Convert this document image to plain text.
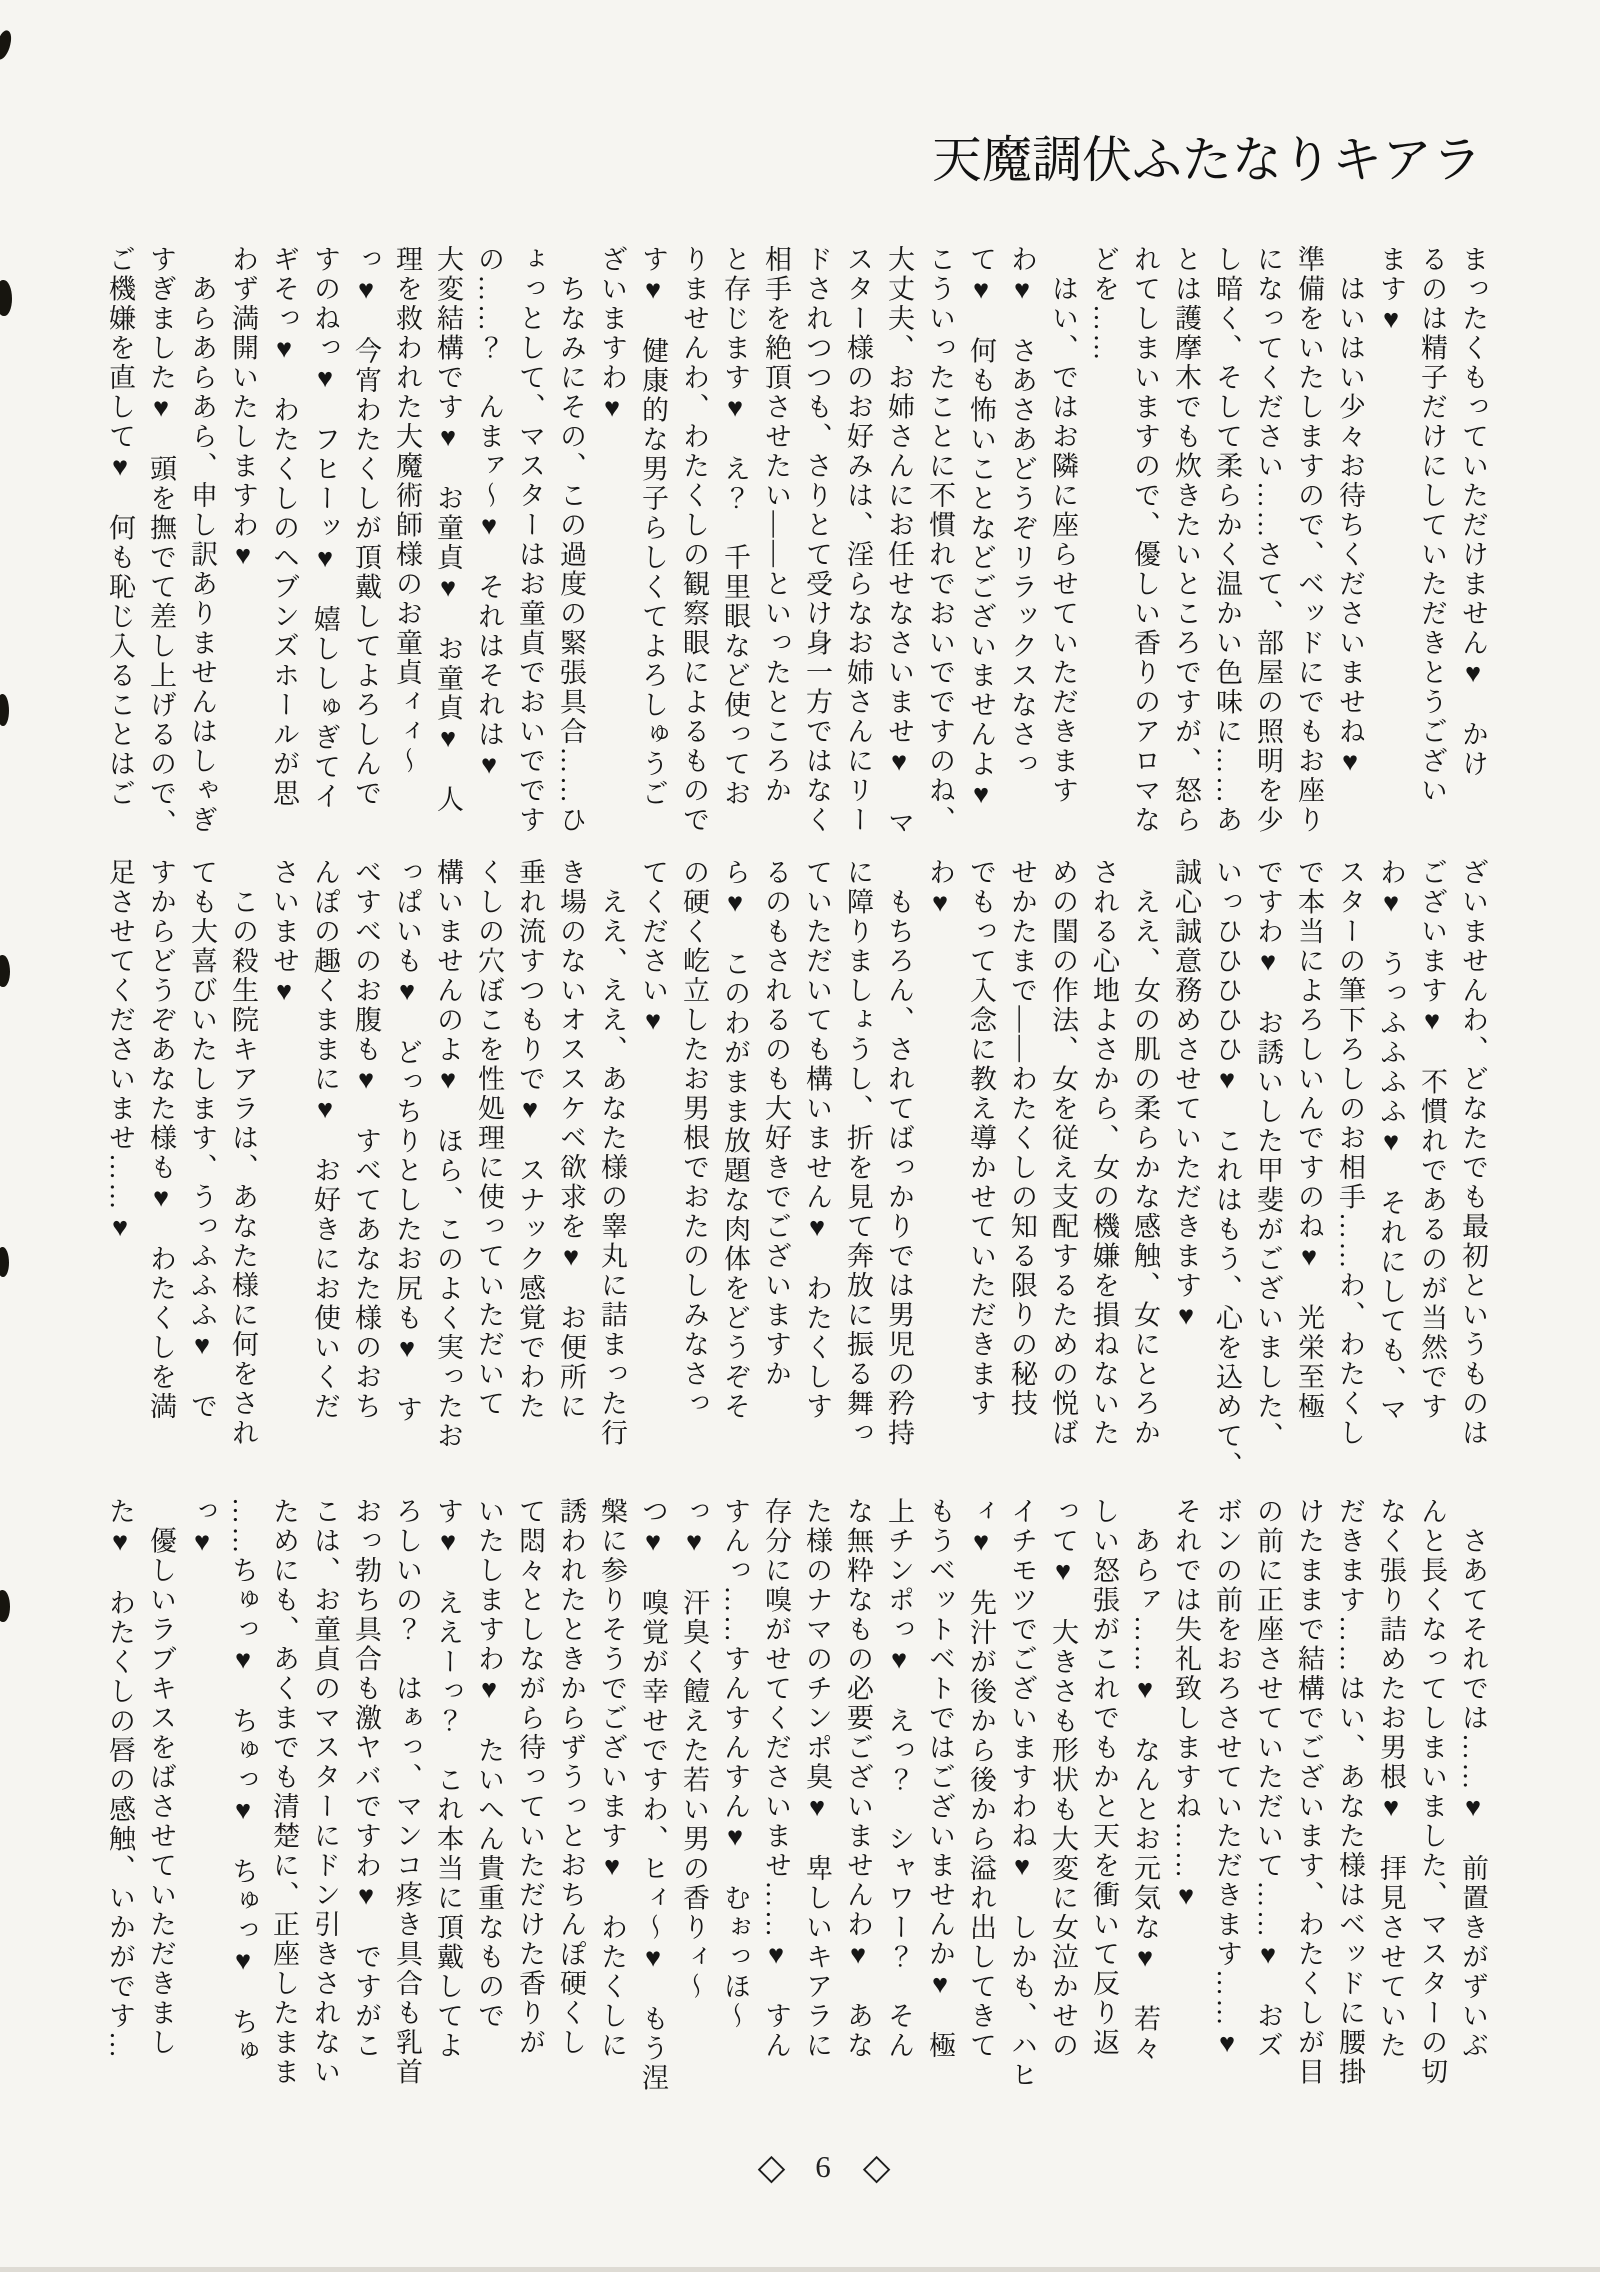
天魔調伏ふたなりキアラ
まったくもっていただけません♥　かけ
るのは精子だけにしていただきとうござい
ます♥
　はいはい少々お待ちくださいませね♥
準備をいたしますので、ベッドにでもお座り
になってください……さて、部屋の照明を少
し暗く、そして柔らかく温かい色味に……あ
とは護摩木でも炊きたいところですが、怒ら
れてしまいますので、優しい香りのアロマな
どを……
　はい、ではお隣に座らせていただきます
わ♥　さあさあどうぞリラックスなさっ
て♥　何も怖いことなどございませんよ♥
こういったことに不慣れでおいでですのね、
大丈夫、お姉さんにお任せなさいませ♥　マ
スター様のお好みは、淫らなお姉さんにリー
ドされつつも、さりとて受け身一方ではなく
相手を絶頂させたい――といったところか
と存じます♥　え？　千里眼など使ってお
りませんわ、わたくしの観察眼によるもので
す♥　健康的な男子らしくてよろしゅうご
ざいますわ♥
　ちなみにその、この過度の緊張具合……ひ
ょっとして、マスターはお童貞でおいでです
の……？　んまァ～♥　それはそれは♥
大変結構です♥　お童貞♥　お童貞♥　人
理を救われた大魔術師様のお童貞ィィ～
っ♥　今宵わたくしが頂戴してよろしんで
すのねっ♥　フヒーッ♥　嬉ししゅぎてイ
ギそっ♥　わたくしのヘブンズホールが思
わず満開いたしますわ♥
　あらあらあら、申し訳ありませんはしゃぎ
すぎました♥　頭を撫でて差し上げるので、
ご機嫌を直して♥　何も恥じ入ることはご
ざいませんわ、どなたでも最初というものは
ございます♥　不慣れであるのが当然です
わ♥　うっふふふふ♥　それにしても、マ
スターの筆下ろしのお相手……わ、わたくし
で本当によろしいんですのね♥　光栄至極
ですわ♥　お誘いした甲斐がございました、
いっひひひひひ♥　これはもう、心を込めて、
誠心誠意務めさせていただきます♥
　ええ、女の肌の柔らかな感触、女にとろか
される心地よさから、女の機嫌を損ねないた
めの閨の作法、女を従え支配するための悦ば
せかたまで――わたくしの知る限りの秘技
でもって入念に教え導かせていただきます
わ♥
　もちろん、されてばっかりでは男児の矜持
に障りましょうし、折を見て奔放に振る舞っ
ていただいても構いません♥　わたくしす
るのもされるのも大好きでございますか
ら♥　このわがまま放題な肉体をどうぞそ
の硬く屹立したお男根でおたのしみなさっ
てください♥
　ええ、ええ、あなた様の睾丸に詰まった行
き場のないオススケベ欲求を♥　お便所に
垂れ流すつもりで♥　スナック感覚でわた
くしの穴ぼこを性処理に使っていただいて
構いませんのよ♥　ほら、このよく実ったお
っぱいも♥　どっちりとしたお尻も♥　す
べすべのお腹も♥　すべてあなた様のおち
んぽの趣くままに♥　お好きにお使いくだ
さいませ♥
　この殺生院キアラは、あなた様に何をされ
ても大喜びいたします、うっふふふ♥　で
すからどうぞあなた様も♥　わたくしを満
足させてくださいませ……♥
　さあてそれでは……♥　前置きがずいぶ
んと長くなってしまいました、マスターの切
なく張り詰めたお男根♥　拝見させていた
だきます……はい、あなた様はベッドに腰掛
けたままで結構でございます、わたくしが目
の前に正座させていただいて……♥　おズ
ボンの前をおろさせていただきます……♥
それでは失礼致しますね……♥
　あらァ……♥　なんとお元気な♥　若々
しい怒張がこれでもかと天を衝いて反り返
って♥　大きさも形状も大変に女泣かせの
イチモツでございますわね♥　しかも、ハヒ
ィ♥　先汁が後から後から溢れ出してきて
もうベットベトではございませんか♥　極
上チンポっ♥　えっ？　シャワー？　そん
な無粋なもの必要ございませんわ♥　あな
た様のナマのチンポ臭♥　卑しいキアラに
存分に嗅がせてくださいませ……♥　すん
すんっ……すんすんすん♥　むぉっほ～
っ♥　汗臭く饐えた若い男の香りィ～
つ♥　嗅覚が幸せですわ、ヒィ～♥　もう涅
槃に参りそうでございます♥　わたくしに
誘われたときからずうっとおちんぽ硬くし
て悶々としながら待っていただけた香りが
いたしますわ♥　たいへん貴重なもので
す♥　ええーっ？　これ本当に頂戴してよ
ろしいの？　はぁっ、マンコ疼き具合も乳首
おっ勃ち具合も激ヤバですわ♥　ですがこ
こは、お童貞のマスターにドン引きされない
ためにも、あくまでも清楚に、正座したまま
……ちゅっ♥　ちゅっ♥　ちゅっ♥　ちゅ
っ♥
　優しいラブキスをばさせていただきまし
た♥　わたくしの唇の感触、いかがです…
◇ 6 ◇
